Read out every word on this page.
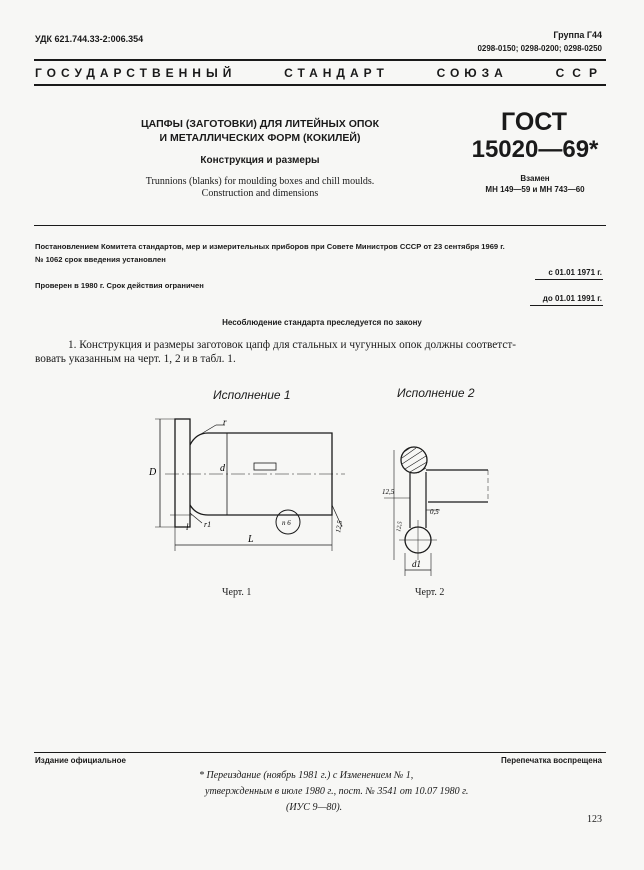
УДК 621.744.33-2:006.354	Группа Г44
0298-0150; 0298-0200; 0298-0250
ГОСУДАРСТВЕННЫЙ	СТАНДАРТ	СОЮЗА	ССР
ЦАПФЫ (ЗАГОТОВКИ) ДЛЯ ЛИТЕЙНЫХ ОПОК
И МЕТАЛЛИЧЕСКИХ ФОРМ (КОКИЛЕЙ)
Конструкция и размеры
Trunnions (blanks) for moulding boxes and chill moulds.
Construction and dimensions
ГОСТ
15020—69*
Взамен
МН 149—59 и МН 743—60
Постановлением Комитета стандартов, мер и измерительных приборов при Совете Министров СССР от 23 сентября 1969 г.
№ 1062 срок введения установлен
с 01.01 1971 г.
Проверен в 1980 г. Срок действия ограничен
до 01.01 1991 г.
Несоблюдение стандарта преследуется по закону
1. Конструкция и размеры заготовок цапф для стальных и чугунных опок должны соответст-
вовать указанным на черт. 1, 2 и в табл. 1.
Исполнение 1	Исполнение 2
r
D	d
l
L
r1	n 6	12,5
12,5
0,5
12,5
d1
Черт. 1	Черт. 2
Издание официальное	Перепечатка воспрещена
* Переиздание (ноябрь 1981 г.) с Изменением № 1,
утвержденным в июле 1980 г., пост. № 3541 от 10.07 1980 г.
(ИУС 9—80).
123
